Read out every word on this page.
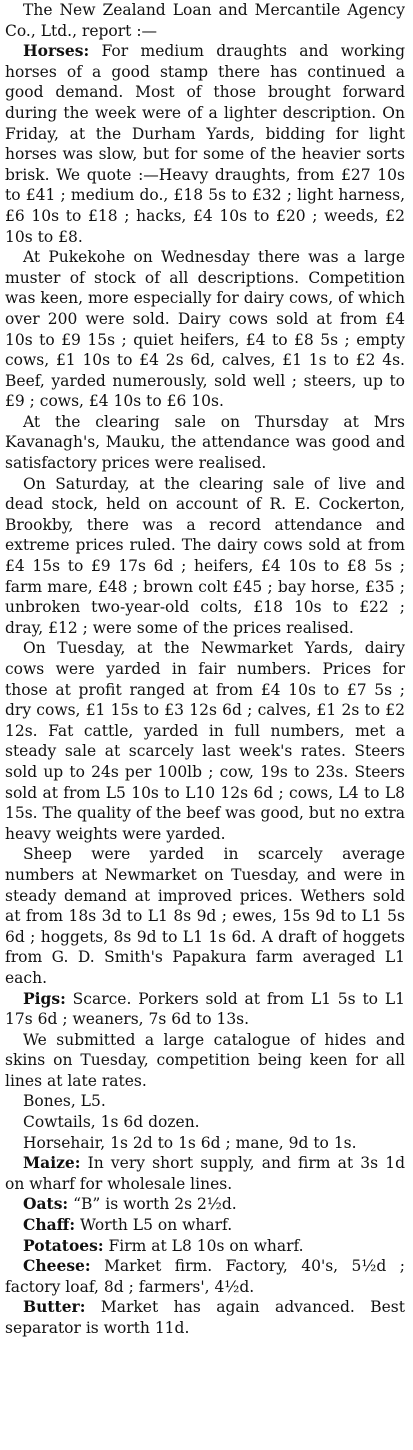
The New Zealand Loan and Mercantile Agency Co., Ltd., report :—

Horses: For medium draughts and working horses of a good stamp there has continued a good demand. Most of those brought forward during the week were of a lighter description. On Friday, at the Durham Yards, bidding for light horses was slow, but for some of the heavier sorts brisk. We quote :—Heavy draughts, from £27 10s to £41 ; medium do., £18 5s to £32 ; light harness, £6 10s to £18 ; hacks, £4 10s to £20 ; weeds, £2 10s to £8.

At Pukekohe on Wednesday there was a large muster of stock of all descriptions. Competition was keen, more especially for dairy cows, of which over 200 were sold. Dairy cows sold at from £4 10s to £9 15s ; quiet heifers, £4 to £8 5s ; empty cows, £1 10s to £4 2s 6d, calves, £1 1s to £2 4s. Beef, yarded numerously, sold well ; steers, up to £9 ; cows, £4 10s to £6 10s.

At the clearing sale on Thursday at Mrs Kavanagh's, Mauku, the attendance was good and satisfactory prices were realised.

On Saturday, at the clearing sale of live and dead stock, held on account of R. E. Cockerton, Brookby, there was a record attendance and extreme prices ruled. The dairy cows sold at from £4 15s to £9 17s 6d ; heifers, £4 10s to £8 5s ; farm mare, £48 ; brown colt £45 ; bay horse, £35 ; unbroken two-year-old colts, £18 10s to £22 ; dray, £12 ; were some of the prices realised.

On Tuesday, at the Newmarket Yards, dairy cows were yarded in fair numbers. Prices for those at profit ranged at from £4 10s to £7 5s ; dry cows, £1 15s to £3 12s 6d ; calves, £1 2s to £2 12s. Fat cattle, yarded in full numbers, met a steady sale at scarcely last week's rates. Steers sold up to 24s per 100lb ; cow, 19s to 23s. Steers sold at from L5 10s to L10 12s 6d ; cows, L4 to L8 15s. The quality of the beef was good, but no extra heavy weights were yarded.

Sheep were yarded in scarcely average numbers at Newmarket on Tuesday, and were in steady demand at improved prices. Wethers sold at from 18s 3d to L1 8s 9d ; ewes, 15s 9d to L1 5s 6d ; hoggets, 8s 9d to L1 1s 6d. A draft of hoggets from G. D. Smith's Papakura farm averaged L1 each.

Pigs: Scarce. Porkers sold at from L1 5s to L1 17s 6d ; weaners, 7s 6d to 13s.

We submitted a large catalogue of hides and skins on Tuesday, competition being keen for all lines at late rates.

Bones, L5.

Cowtails, 1s 6d dozen.

Horsehair, 1s 2d to 1s 6d ; mane, 9d to 1s.

Maize: In very short supply, and firm at 3s 1d on wharf for wholesale lines.

Oats: “B” is worth 2s 2½d.

Chaff: Worth L5 on wharf.

Potatoes: Firm at L8 10s on wharf.

Cheese: Market firm. Factory, 40's, 5½d ; factory loaf, 8d ; farmers', 4½d.

Butter: Market has again advanced. Best separator is worth 11d.
